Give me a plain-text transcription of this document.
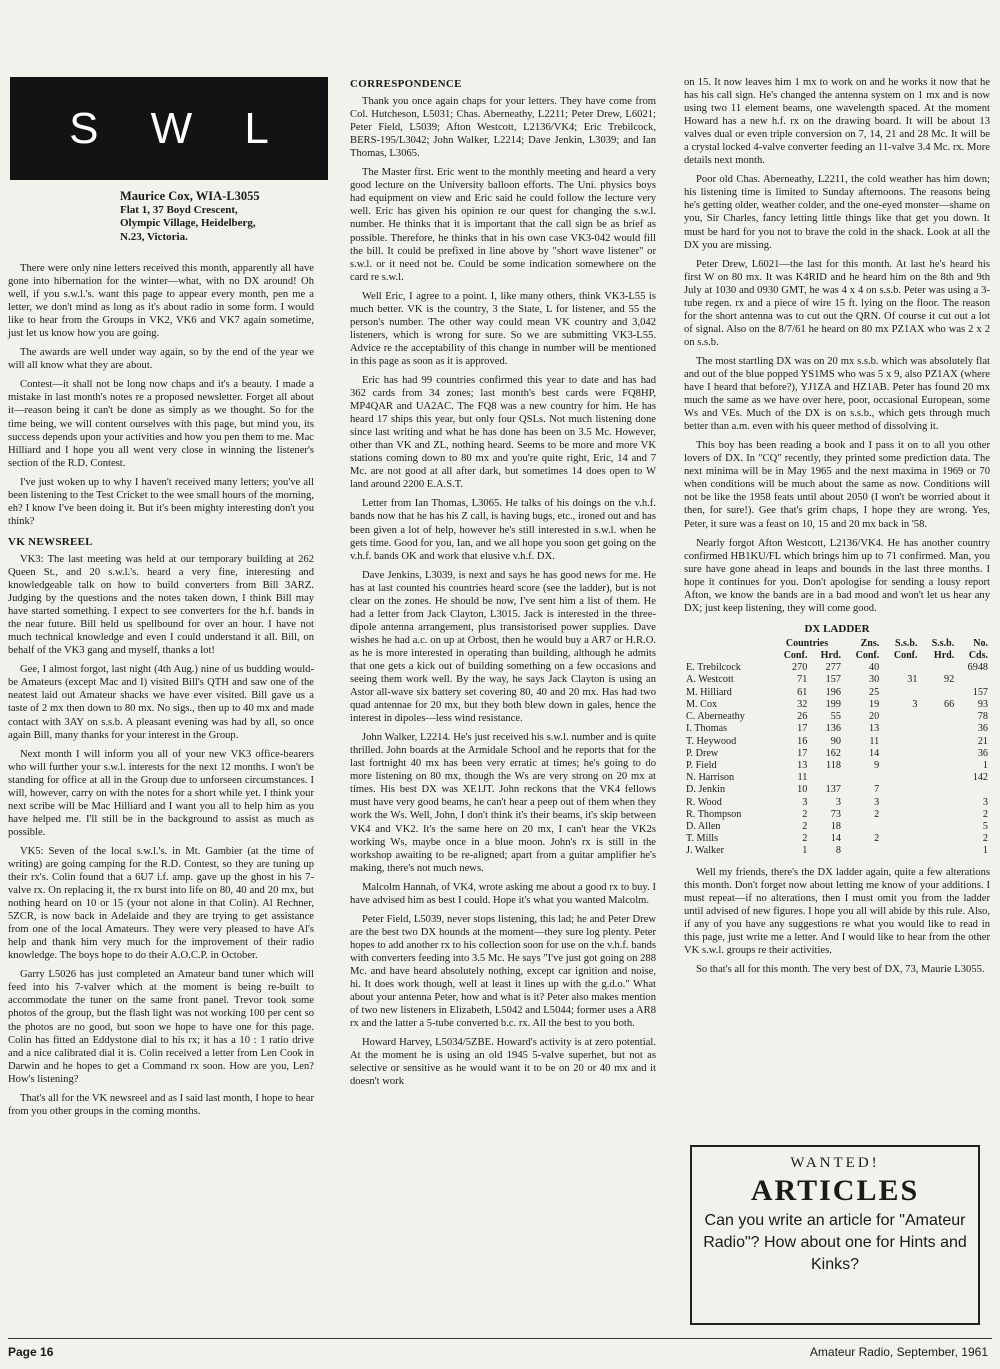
S W L
Maurice Cox, WIA-L3055
Flat 1, 37 Boyd Crescent,
Olympic Village, Heidelberg,
N.23, Victoria.

There were only nine letters received this month, apparently all have gone into hibernation for the winter—what, with no DX around! Oh well, if you s.w.l.'s. want this page to appear every month, pen me a letter, we don't mind as long as it's about radio in some form. I would like to hear from the Groups in VK2, VK6 and VK7 again sometime, just let us know how you are going.

The awards are well under way again, so by the end of the year we will all know what they are about.

Contest—it shall not be long now chaps and it's a beauty. I made a mistake in last month's notes re a proposed newsletter. Forget all about it—reason being it can't be done as simply as we thought. So for the time being, we will content ourselves with this page, but mind you, its success depends upon your activities and how you pen them to me. Mac Hilliard and I hope you all went very close in winning the listener's section of the R.D. Contest.

I've just woken up to why I haven't received many letters; you've all been listening to the Test Cricket to the wee small hours of the morning, eh? I know I've been doing it. But it's been mighty interesting don't you think?

VK NEWSREEL

VK3: The last meeting was held at our temporary building at 262 Queen St., and 20 s.w.l.'s. heard a very fine, interesting and knowledgeable talk on how to build converters from Bill 3ARZ. Judging by the questions and the notes taken down, I think Bill may have started something. I expect to see converters for the h.f. bands in the near future. Bill held us spellbound for over an hour. I have not much technical knowledge and even I could understand it all. Bill, on behalf of the VK3 gang and myself, thanks a lot!

Gee, I almost forgot, last night (4th Aug.) nine of us budding would-be Amateurs (except Mac and I) visited Bill's QTH and saw one of the neatest laid out Amateur shacks we have ever visited. Bill gave us a taste of 2 mx then down to 80 mx. No sigs., then up to 40 mx and made contact with 3AY on s.s.b. A pleasant evening was had by all, so once again Bill, many thanks for your interest in the Group.

Next month I will inform you all of your new VK3 office-bearers who will further your s.w.l. interests for the next 12 months. I won't be standing for office at all in the Group due to unforseen circumstances. I will, however, carry on with the notes for a short while yet. I think your next scribe will be Mac Hilliard and I want you all to help him as you have helped me. I'll still be in the background to assist as much as possible.

VK5: Seven of the local s.w.l.'s. in Mt. Gambier (at the time of writing) are going camping for the R.D. Contest, so they are tuning up their rx's. Colin found that a 6U7 i.f. amp. gave up the ghost in his 7-valve rx. On replacing it, the rx burst into life on 80, 40 and 20 mx, but nothing heard on 10 or 15 (your not alone in that Colin). Al Rechner, 5ZCR, is now back in Adelaide and they are trying to get assistance from one of the local Amateurs. They were very pleased to have Al's help and thank him very much for the improvement of their radio knowledge. The boys hope to do their A.O.C.P. in October.

Garry L5026 has just completed an Amateur band tuner which will feed into his 7-valver which at the moment is being re-built to accommodate the tuner on the same front panel. Trevor took some photos of the group, but the flash light was not working 100 per cent so the photos are no good, but soon we hope to have one for this page. Colin has fitted an Eddystone dial to his rx; it has a 10 : 1 ratio drive and a nice calibrated dial it is. Colin received a letter from Len Cook in Darwin and he hopes to get a Command rx soon. How are you, Len? How's listening?

That's all for the VK newsreel and as I said last month, I hope to hear from you other groups in the coming months.

CORRESPONDENCE

Thank you once again chaps for your letters. They have come from Col. Hutcheson, L5031; Chas. Aberneathy, L2211; Peter Drew, L6021; Peter Field, L5039; Afton Westcott, L2136/VK4; Eric Trebilcock, BERS-195/L3042; John Walker, L2214; Dave Jenkin, L3039; and Ian Thomas, L3065.

The Master first. Eric went to the monthly meeting and heard a very good lecture on the University balloon efforts. The Uni. physics boys had equipment on view and Eric said he could follow the lecture very well. Eric has given his opinion re our quest for changing the s.w.l. number. He thinks that it is important that the call sign be as brief as possible. Therefore, he thinks that in his own case VK3-042 would fill the bill. It could be prefixed in line above by "short wave listener" or s.w.l. or it need not be. Could be some indication somewhere on the card re s.w.l.

Well Eric, I agree to a point. I, like many others, think VK3-L55 is much better. VK is the country, 3 the State, L for listener, and 55 the person's number. The other way could mean VK country and 3,042 listeners, which is wrong for sure. So we are submitting VK3-L55. Advice re the acceptability of this change in number will be mentioned in this page as soon as it is approved.

Eric has had 99 countries confirmed this year to date and has had 362 cards from 34 zones; last month's best cards were FQ8HP, MP4QAR and UA2AC. The FQ8 was a new country for him. He has heard 17 ships this year, but only four QSLs. Not much listening done since last writing and what he has done has been on 3.5 Mc. However, other than VK and ZL, nothing heard. Seems to be more and more VK stations coming down to 80 mx and you're quite right, Eric, 14 and 7 Mc. are not good at all after dark, but sometimes 14 does open to W land around 2200 E.A.S.T.

Letter from Ian Thomas, L3065. He talks of his doings on the v.h.f. bands now that he has his Z call, is having bugs, etc., ironed out and has been given a lot of help, however he's still interested in s.w.l. when he gets time. Good for you, Ian, and we all hope you soon get going on the v.h.f. bands OK and work that elusive v.h.f. DX.

Dave Jenkins, L3039, is next and says he has good news for me. He has at last counted his countries heard score (see the ladder), but is not clear on the zones. He should be now, I've sent him a list of them. He had a letter from Jack Clayton, L3015. Jack is interested in the three-dipole antenna arrangement, plus transistorised power supplies. Dave wishes he had a.c. on up at Orbost, then he would buy a AR7 or H.R.O. as he is more interested in operating than building, although he admits that one gets a kick out of building something on a few occasions and seeing them work well. By the way, he says Jack Clayton is using an Astor all-wave six battery set covering 80, 40 and 20 mx. Has had two quad antennae for 20 mx, but they both blew down in gales, hence the interest in dipoles—less wind resistance.

John Walker, L2214. He's just received his s.w.l. number and is quite thrilled. John boards at the Armidale School and he reports that for the last fortnight 40 mx has been very erratic at times; he's going to do more listening on 80 mx, though the Ws are very strong on 20 mx at times. His best DX was XE1JT. John reckons that the VK4 fellows must have very good beams, he can't hear a peep out of them when they work the Ws. Well, John, I don't think it's their beams, it's skip between VK4 and VK2. It's the same here on 20 mx, I can't hear the VK2s working Ws, maybe once in a blue moon. John's rx is still in the workshop awaiting to be re-aligned; apart from a guitar amplifier he's making, there's not much news.

Malcolm Hannah, of VK4, wrote asking me about a good rx to buy. I have advised him as best I could. Hope it's what you wanted Malcolm.

Peter Field, L5039, never stops listening, this lad; he and Peter Drew are the best two DX hounds at the moment—they sure log plenty. Peter hopes to add another rx to his collection soon for use on the v.h.f. bands with converters feeding into 3.5 Mc. He says "I've just got going on 288 Mc. and have heard absolutely nothing, except car ignition and noise, hi. It does work though, well at least it lines up with the g.d.o." What about your antenna Peter, how and what is it? Peter also makes mention of two new listeners in Elizabeth, L5042 and L5044; former uses a AR8 rx and the latter a 5-tube converted b.c. rx. All the best to you both.

Howard Harvey, L5034/5ZBE. Howard's activity is at zero potential. At the moment he is using an old 1945 5-valve superhet, but not as selective or sensitive as he would want it to be on 20 or 40 mx and it doesn't work

on 15. It now leaves him 1 mx to work on and he works it now that he has his call sign. He's changed the antenna system on 1 mx and is now using two 11 element beams, one wavelength spaced. At the moment Howard has a new h.f. rx on the drawing board. It will be about 13 valves dual or even triple conversion on 7, 14, 21 and 28 Mc. It will be a crystal locked 4-valve converter feeding an 11-valve 3.4 Mc. rx. More details next month.

Poor old Chas. Aberneathy, L2211, the cold weather has him down; his listening time is limited to Sunday afternoons. The reasons being he's getting older, weather colder, and the one-eyed monster—shame on you, Sir Charles, fancy letting little things like that get you down. It must be hard for you not to brave the cold in the shack. Look at all the DX you are missing.

Peter Drew, L6021—the last for this month. At last he's heard his first W on 80 mx. It was K4RID and he heard him on the 8th and 9th July at 1030 and 0930 GMT, he was 4 x 4 on s.s.b. Peter was using a 3-tube regen. rx and a piece of wire 15 ft. lying on the floor. The reason for the short antenna was to cut out the QRN. Of course it cut out a lot of signal. Also on the 8/7/61 he heard on 80 mx PZ1AX who was 2 x 2 on s.s.b.

The most startling DX was on 20 mx s.s.b. which was absolutely flat and out of the blue popped YS1MS who was 5 x 9, also PZ1AX (where have I heard that before?), YJ1ZA and HZ1AB. Peter has found 20 mx much the same as we have over here, poor, occasional European, some Ws and VEs. Much of the DX is on s.s.b., which gets through much better than a.m. even with his queer method of dissolving it.

This boy has been reading a book and I pass it on to all you other lovers of DX. In "CQ" recently, they printed some prediction data. The next minima will be in May 1965 and the next maxima in 1969 or 70 when conditions will be much about the same as now. Conditions will not be like the 1958 feats until about 2050 (I won't be worried about it then, for sure!). Gee that's grim chaps, I hope they are wrong. Yes, Peter, it sure was a feast on 10, 15 and 20 mx back in '58.

Nearly forgot Afton Westcott, L2136/VK4. He has another country confirmed HB1KU/FL which brings him up to 71 confirmed. Man, you sure have gone ahead in leaps and bounds in the last three months. I hope it continues for you. Don't apologise for sending a lousy report Afton, we know the bands are in a bad mood and won't let us hear any DX; just keep listening, they will come good.

DX LADDER
	Countries		Zns.	S.s.b.	S.s.b.	No.
	Conf.	Hrd.	Conf.	Conf.	Hrd.	Cds.
E. Trebilcock	270	277	40			6948
A. Westcott	71	157	30	31	92	
M. Hilliard	61	196	25			157
M. Cox	32	199	19	3	66	93
C. Aberneathy	26	55	20			78
I. Thomas	17	136	13			36
T. Heywood	16	90	11			21
P. Drew	17	162	14			36
P. Field	13	118	9			1
N. Harrison	11					142
D. Jenkin	10	137	7			
R. Wood	3	3	3			3
R. Thompson	2	73	2			2
D. Allen	2	18				5
T. Mills	2	14	2			2
J. Walker	1	8				1

Well my friends, there's the DX ladder again, quite a few alterations this month. Don't forget now about letting me know of your additions. I must repeat—if no alterations, then I must omit you from the ladder until advised of new figures. I hope you all will abide by this rule. Also, if any of you have any suggestions re what you would like to read in this page, just write me a letter. And I would like to hear from the other VK s.w.l. groups re their activities.

So that's all for this month. The very best of DX, 73, Maurie L3055.

WANTED!
ARTICLES
Can you write an article for "Amateur Radio"? How about one for Hints and Kinks?
Page 16	Amateur Radio, September, 1961
